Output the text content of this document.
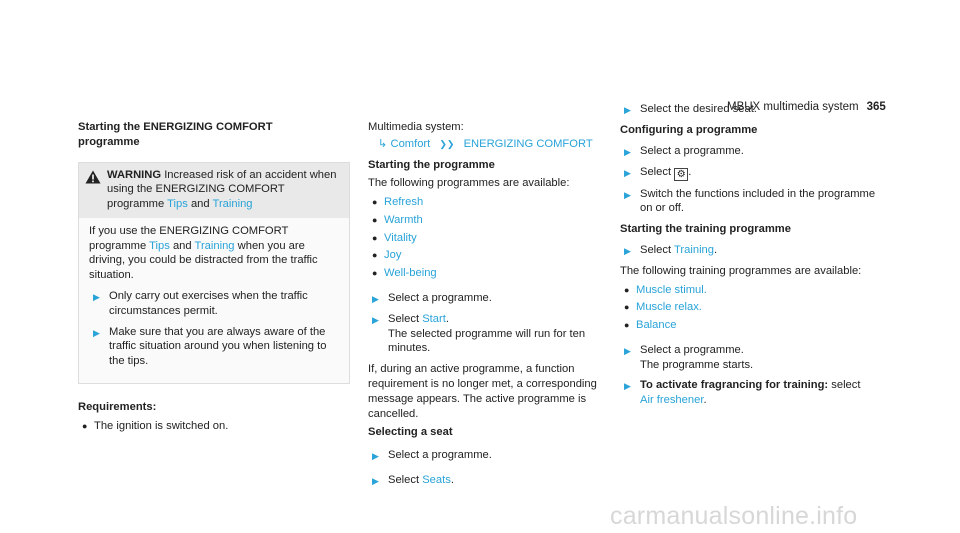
MBUX multimedia system 365
Starting the ENERGIZING COMFORT programme
WARNING Increased risk of an accident when using the ENERGIZING COMFORT programme Tips and Training
If you use the ENERGIZING COMFORT programme Tips and Training when you are driving, you could be distracted from the traffic situation.
▶ Only carry out exercises when the traffic circumstances permit.
▶ Make sure that you are always aware of the traffic situation around you when listening to the tips.
Requirements:
● The ignition is switched on.
Multimedia system:
↳ Comfort ❯❯ ENERGIZING COMFORT
Starting the programme
The following programmes are available:
● Refresh
● Warmth
● Vitality
● Joy
● Well-being
▶ Select a programme.
▶ Select Start.
The selected programme will run for ten minutes.
If, during an active programme, a function requirement is no longer met, a corresponding message appears. The active programme is cancelled.
Selecting a seat
▶ Select a programme.
▶ Select Seats.
▶ Select the desired seat.
Configuring a programme
▶ Select a programme.
▶ Select ⚙ .
▶ Switch the functions included in the programme on or off.
Starting the training programme
▶ Select Training.
The following training programmes are available:
● Muscle stimul.
● Muscle relax.
● Balance
▶ Select a programme.
The programme starts.
▶ To activate fragrancing for training: select
Air freshener.
carmanualsonline.info
